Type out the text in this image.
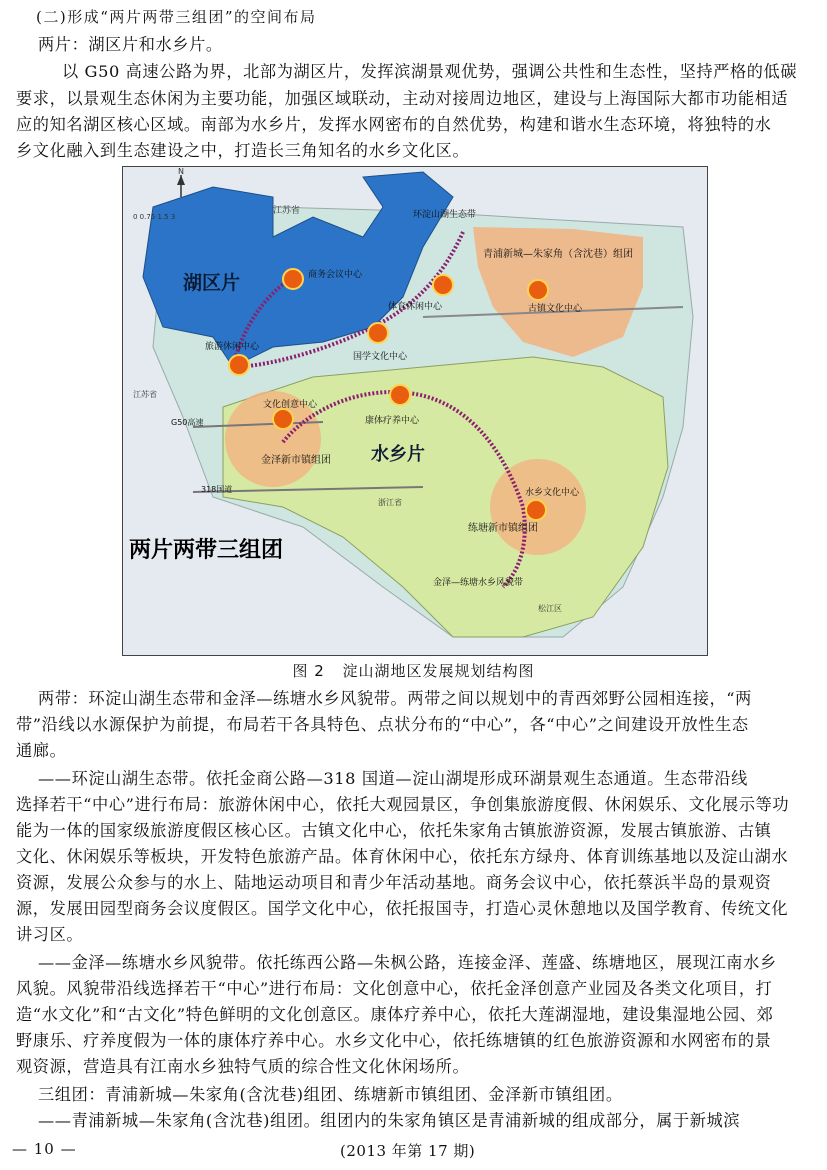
(二)形成“两片两带三组团”的空间布局
两片：湖区片和水乡片。
以 G50 高速公路为界，北部为湖区片，发挥滨湖景观优势，强调公共性和生态性，坚持严格的低碳
要求，以景观生态休闲为主要功能，加强区域联动，主动对接周边地区，建设与上海国际大都市功能相适
应的知名湖区核心区域。南部为水乡片，发挥水网密布的自然优势，构建和谐水生态环境，将独特的水
乡文化融入到生态建设之中，打造长三角知名的水乡文化区。
N
0 0.75 1.5 3
江苏省
江苏省
湖区片
水乡片
环淀山湖生态带
青浦新城—朱家角（含沈巷）组团
商务会议中心
体育休闲中心	古镇文化中心
国学文化中心
旅游休闲中心
文化创意中心
康体疗养中心
G50高速
金泽新市镇组团
318国道
浙江省
水乡文化中心
练塘新市镇组团
金泽—练塘水乡风貌带
松江区
两片两带三组团
图 2 淀山湖地区发展规划结构图
两带：环淀山湖生态带和金泽—练塘水乡风貌带。两带之间以规划中的青西郊野公园相连接，“两
带”沿线以水源保护为前提，布局若干各具特色、点状分布的“中心”，各“中心”之间建设开放性生态
通廊。
——环淀山湖生态带。依托金商公路—318 国道—淀山湖堤形成环湖景观生态通道。生态带沿线
选择若干“中心”进行布局：旅游休闲中心，依托大观园景区，争创集旅游度假、休闲娱乐、文化展示等功
能为一体的国家级旅游度假区核心区。古镇文化中心，依托朱家角古镇旅游资源，发展古镇旅游、古镇
文化、休闲娱乐等板块，开发特色旅游产品。体育休闲中心，依托东方绿舟、体育训练基地以及淀山湖水
资源，发展公众参与的水上、陆地运动项目和青少年活动基地。商务会议中心，依托蔡浜半岛的景观资
源，发展田园型商务会议度假区。国学文化中心，依托报国寺，打造心灵休憩地以及国学教育、传统文化
讲习区。
——金泽—练塘水乡风貌带。依托练西公路—朱枫公路，连接金泽、莲盛、练塘地区，展现江南水乡
风貌。风貌带沿线选择若干“中心”进行布局：文化创意中心，依托金泽创意产业园及各类文化项目，打
造“水文化”和“古文化”特色鲜明的文化创意区。康体疗养中心，依托大莲湖湿地，建设集湿地公园、郊
野康乐、疗养度假为一体的康体疗养中心。水乡文化中心，依托练塘镇的红色旅游资源和水网密布的景
观资源，营造具有江南水乡独特气质的综合性文化休闲场所。
三组团：青浦新城—朱家角(含沈巷)组团、练塘新市镇组团、金泽新市镇组团。
——青浦新城—朱家角(含沈巷)组团。组团内的朱家角镇区是青浦新城的组成部分，属于新城滨
— 10 —	(2013 年第 17 期)
